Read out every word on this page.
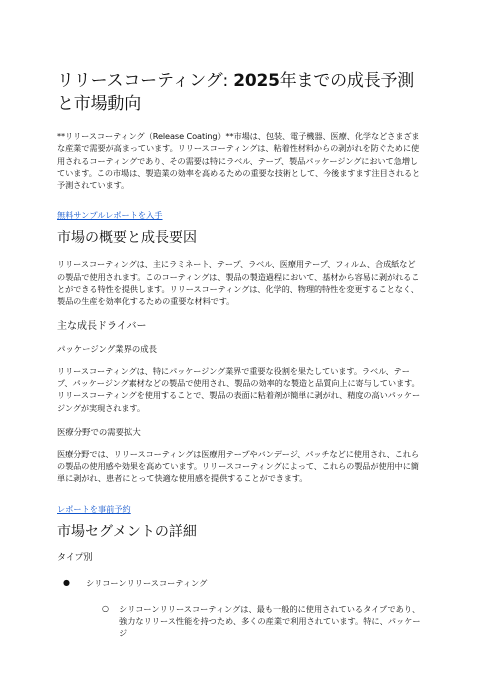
リリースコーティング: 2025年までの成長予測と市場動向

**リリースコーティング（Release Coating）**市場は、包装、電子機器、医療、化学などさまざまな産業で需要が高まっています。リリースコーティングは、粘着性材料からの剥がれを防ぐために使用されるコーティングであり、その需要は特にラベル、テープ、製品パッケージングにおいて急増しています。この市場は、製造業の効率を高めるための重要な技術として、今後ますます注目されると予測されています。

無料サンプルレポートを入手
市場の概要と成長要因

リリースコーティングは、主にラミネート、テープ、ラベル、医療用テープ、フィルム、合成紙などの製品で使用されます。このコーティングは、製品の製造過程において、基材から容易に剥がれることができる特性を提供します。リリースコーティングは、化学的、物理的特性を変更することなく、製品の生産を効率化するための重要な材料です。

主な成長ドライバー
パッケージング業界の成長

リリースコーティングは、特にパッケージング業界で重要な役割を果たしています。ラベル、テープ、パッケージング素材などの製品で使用され、製品の効率的な製造と品質向上に寄与しています。リリースコーティングを使用することで、製品の表面に粘着剤が簡単に剥がれ、精度の高いパッケージングが実現されます。

医療分野での需要拡大

医療分野では、リリースコーティングは医療用テープやバンデージ、パッチなどに使用され、これらの製品の使用感や効果を高めています。リリースコーティングによって、これらの製品が使用中に簡単に剥がれ、患者にとって快適な使用感を提供することができます。

レポートを事前予約
市場セグメントの詳細
タイプ別
● シリコーンリリースコーティング
○ シリコーンリリースコーティングは、最も一般的に使用されているタイプであり、強力なリリース性能を持つため、多くの産業で利用されています。特に、パッケージ
